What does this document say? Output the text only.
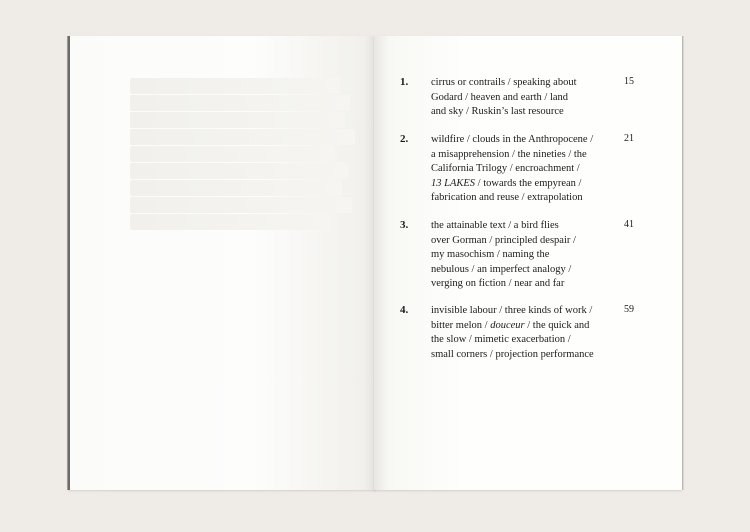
1. cirrus or contrails / speaking about
Godard / heaven and earth / land
and sky / Ruskin’s last resource
15
2. wildfire / clouds in the Anthropocene /
a misapprehension / the nineties / the
California Trilogy / encroachment /
13 LAKES / towards the empyrean /
fabrication and reuse / extrapolation
21
3. the attainable text / a bird flies
over Gorman / principled despair /
my masochism / naming the
nebulous / an imperfect analogy /
verging on fiction / near and far
41
4. invisible labour / three kinds of work /
bitter melon / douceur / the quick and
the slow / mimetic exacerbation /
small corners / projection performance
59
